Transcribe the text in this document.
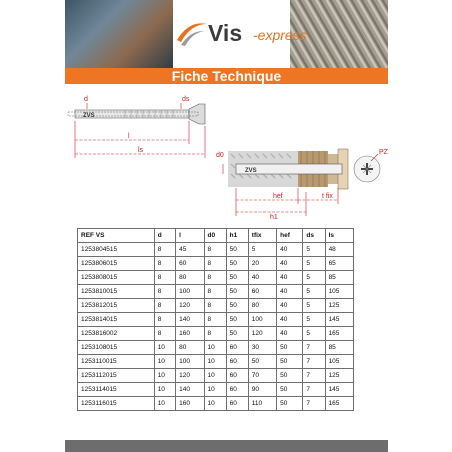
Vis -express
Fiche Technique
ZVS
d	ds
l
ls
ZVS
PZ
d0
hef	t fix
h1
REF VS	d	l	d0	h1	tfix	hef	ds	ls
1253804515	8	45	8	50	5	40	5	48
1253806015	8	60	8	50	20	40	5	65
1253808015	8	80	8	50	40	40	5	85
1253810015	8	100	8	50	60	40	5	105
1253812015	8	120	8	50	80	40	5	125
1253814015	8	140	8	50	100	40	5	145
1253816002	8	160	8	50	120	40	5	165
1253108015	10	80	10	60	30	50	7	85
1253110015	10	100	10	60	50	50	7	105
1253112015	10	120	10	60	70	50	7	125
1253114015	10	140	10	60	90	50	7	145
1253116015	10	160	10	60	110	50	7	165
